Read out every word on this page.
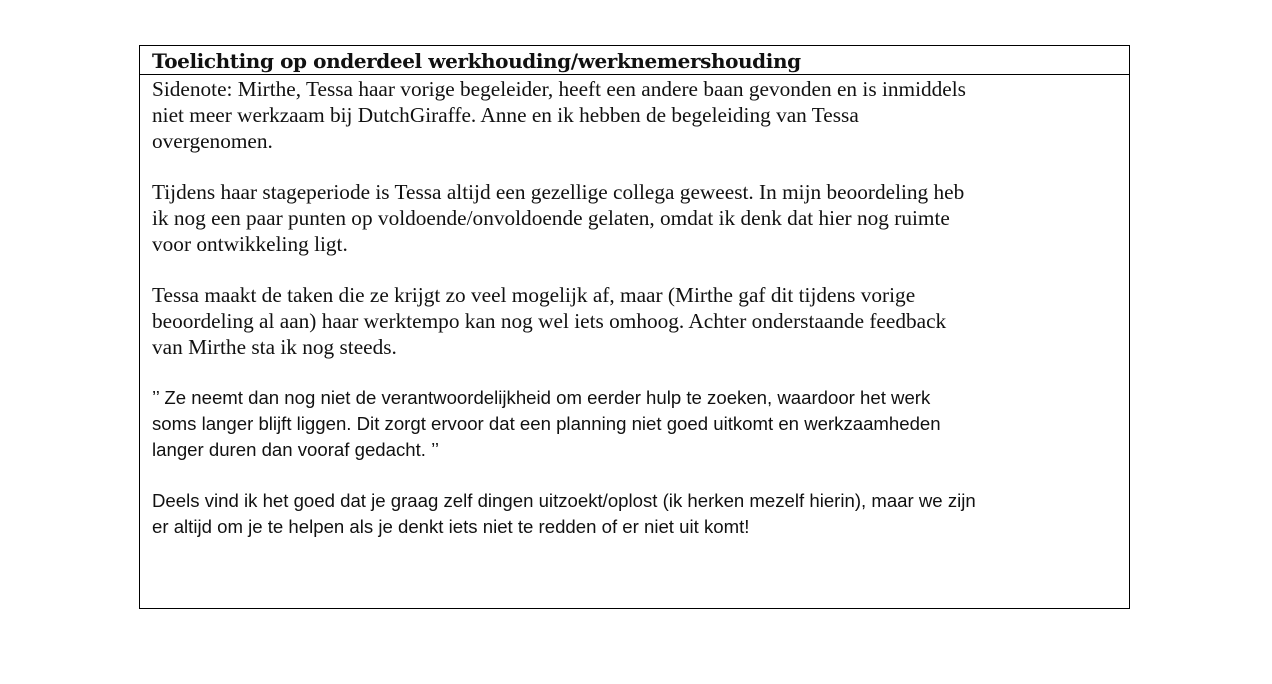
Toelichting op onderdeel werkhouding/werknemershouding

Sidenote: Mirthe, Tessa haar vorige begeleider, heeft een andere baan gevonden en is inmiddels
niet meer werkzaam bij DutchGiraffe. Anne en ik hebben de begeleiding van Tessa
overgenomen.

Tijdens haar stageperiode is Tessa altijd een gezellige collega geweest. In mijn beoordeling heb
ik nog een paar punten op voldoende/onvoldoende gelaten, omdat ik denk dat hier nog ruimte
voor ontwikkeling ligt.

Tessa maakt de taken die ze krijgt zo veel mogelijk af, maar (Mirthe gaf dit tijdens vorige
beoordeling al aan) haar werktempo kan nog wel iets omhoog. Achter onderstaande feedback
van Mirthe sta ik nog steeds.

’’ Ze neemt dan nog niet de verantwoordelijkheid om eerder hulp te zoeken, waardoor het werk
soms langer blijft liggen. Dit zorgt ervoor dat een planning niet goed uitkomt en werkzaamheden
langer duren dan vooraf gedacht. ’’

Deels vind ik het goed dat je graag zelf dingen uitzoekt/oplost (ik herken mezelf hierin), maar we zijn
er altijd om je te helpen als je denkt iets niet te redden of er niet uit komt!
